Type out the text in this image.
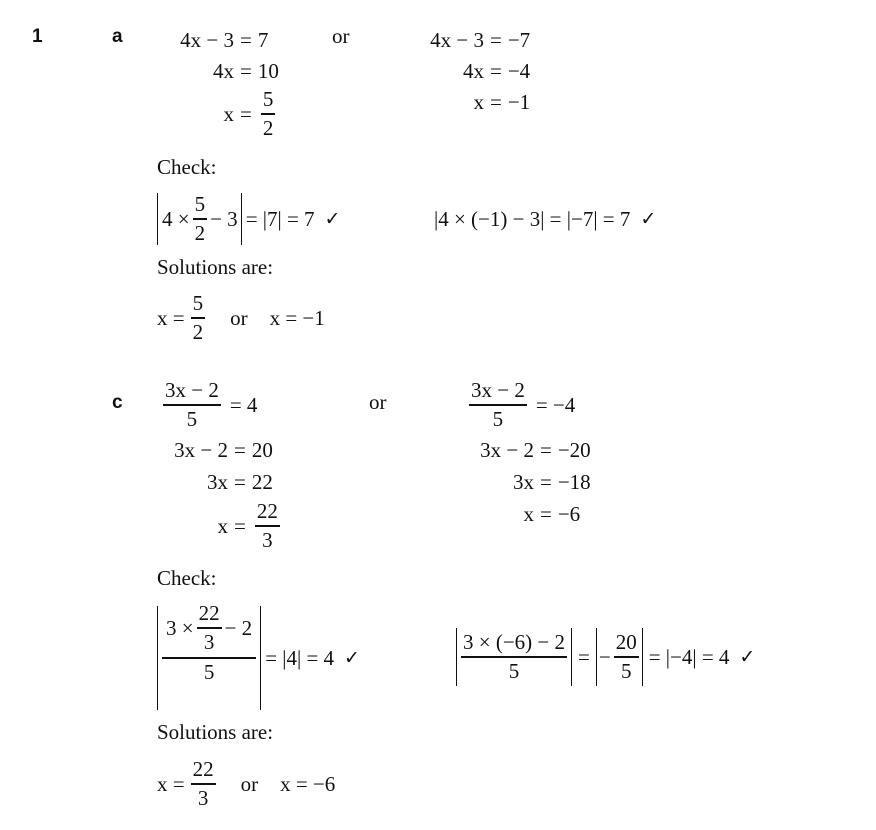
1	a	4x − 3 = 7
4x = 10
$x = \frac{5}{2}$
or	4x − 3 = −7
4x = −4
x = −1
Check:
$4 \times \frac{5}{2} - 3 = |7| = 7$ ✓	|4 × (−1) − 3| = |−7| = 7 ✓
Solutions are:
$x = \frac{5}{2}$ or x = −1
c $\frac{3x - 2}{5} = 4$
3x − 2 = 20
3x = 22
$x = \frac{22}{3}$
or	$\frac{3x - 2}{5} = -4$
3x − 2 = −20
3x = −18
x = −6
Check:
$\frac{3 \times \frac{22}{3} - 2}{5} = |4| = 4$ ✓	$\frac{3 \times (-6) - 2}{5}$ = − $\frac{20}{5} = |-4| = 4$ ✓
Solutions are:
$x = \frac{22}{3}$ or x = −6
